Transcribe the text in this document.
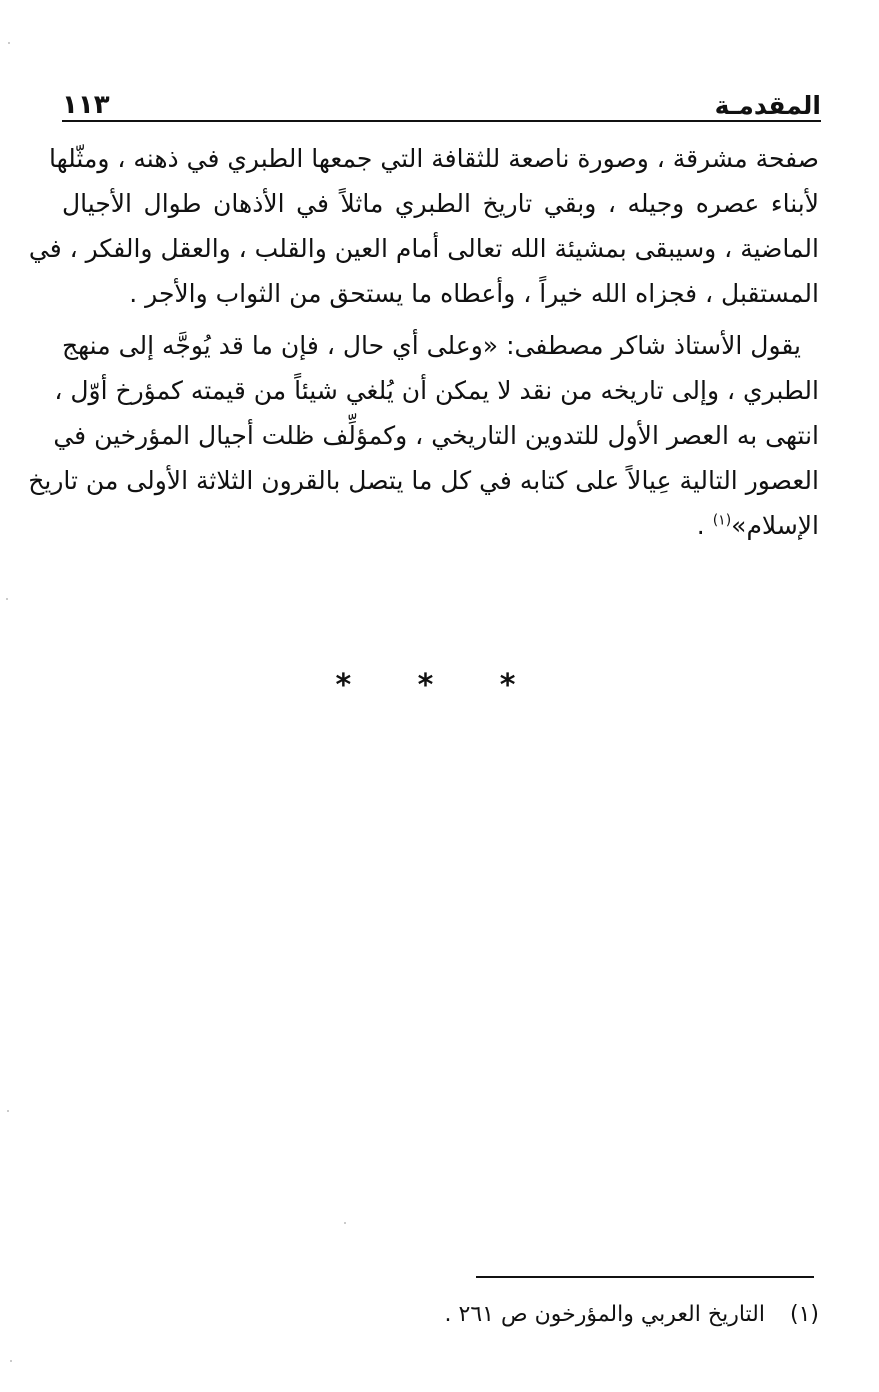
المقدمـة
١١٣

صفحة مشرقة ، وصورة ناصعة للثقافة التي جمعها الطبري في ذهنه ، ومثّلها
لأبناء عصره وجيله ، وبقي تاريخ الطبري ماثلاً في الأذهان طوال الأجيال
الماضية ، وسيبقى بمشيئة الله تعالى أمام العين والقلب ، والعقل والفكر ، في
المستقبل ، فجزاه الله خيراً ، وأعطاه ما يستحق من الثواب والأجر .

يقول الأستاذ شاكر مصطفى: «وعلى أي حال ، فإن ما قد يُوجَّه إلى منهج
الطبري ، وإلى تاريخه من نقد لا يمكن أن يُلغي شيئاً من قيمته كمؤرخ أوّل ،
انتهى به العصر الأول للتدوين التاريخي ، وكمؤلِّف ظلت أجيال المؤرخين في
العصور التالية عِيالاً على كتابه في كل ما يتصل بالقرون الثلاثة الأولى من تاريخ
الإسلام»$^{(١)}$ .

* * *
(١) التاريخ العربي والمؤرخون ص ٢٦١ .
